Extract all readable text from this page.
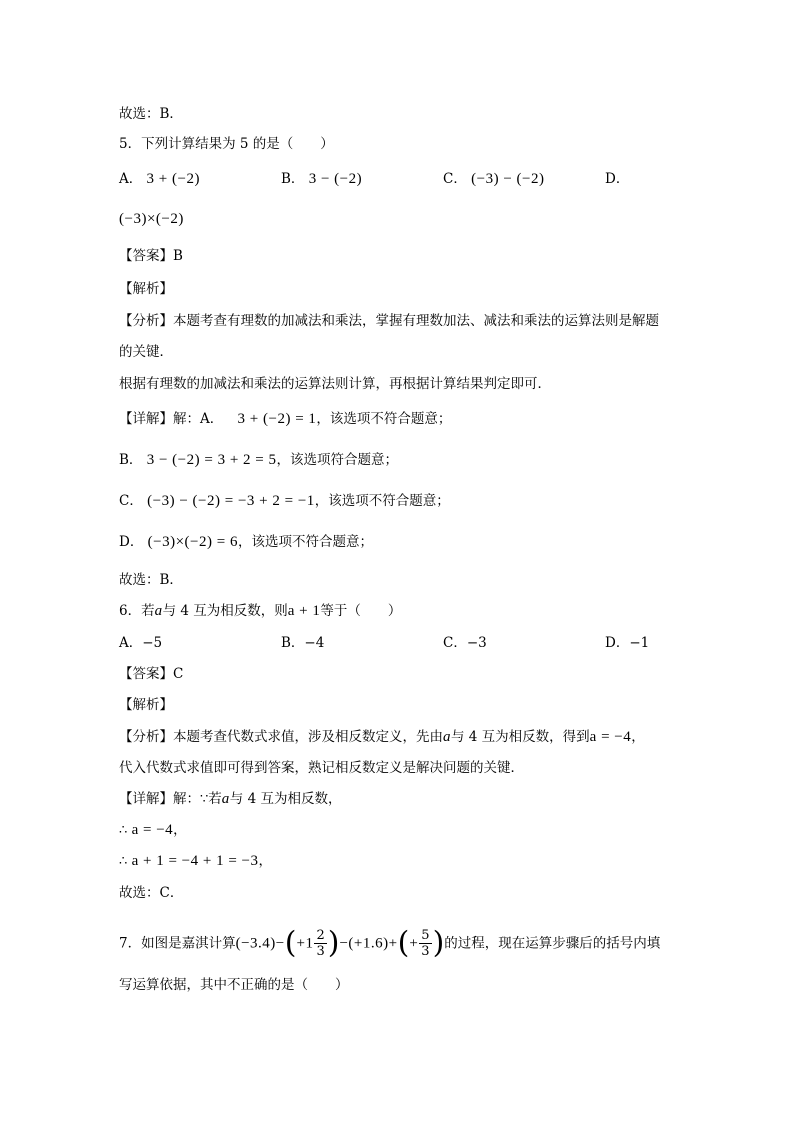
故选：B．
5．下列计算结果为 5 的是（　　）
A． 3 + (−2)	B． 3 − (−2)	C． (−3) − (−2)	D．
(−3)×(−2)
【答案】B
【解析】
【分析】本题考查有理数的加减法和乘法，掌握有理数加法、减法和乘法的运算法则是解题
的关键．
根据有理数的加减法和乘法的运算法则计算，再根据计算结果判定即可．
【详解】解：A． 3 + (−2) = 1，该选项不符合题意；
B． 3 − (−2) = 3 + 2 = 5，该选项符合题意；
C． (−3) − (−2) = −3 + 2 = −1，该选项不符合题意；
D． (−3)×(−2) = 6，该选项不符合题意；
故选：B．
6．若a与 4 互为相反数，则a + 1等于（　　）
A．−5	B．−4	C．−3	D．−1
【答案】C
【解析】
【分析】本题考查代数式求值，涉及相反数定义，先由a与 4 互为相反数，得到a = −4，
代入代数式求值即可得到答案，熟记相反数定义是解决问题的关键．
【详解】解：∵若a与 4 互为相反数，
∴ a = −4，
∴ a + 1 = −4 + 1 = −3，
故选：C．
7．如图是嘉淇计算$(-3.4)-(+1 \frac{2}{3} )-(+1.6)+(+ \frac{5}{3}$ )的过程，现在运算步骤后的括号内填
写运算依据，其中不正确的是（　　）
